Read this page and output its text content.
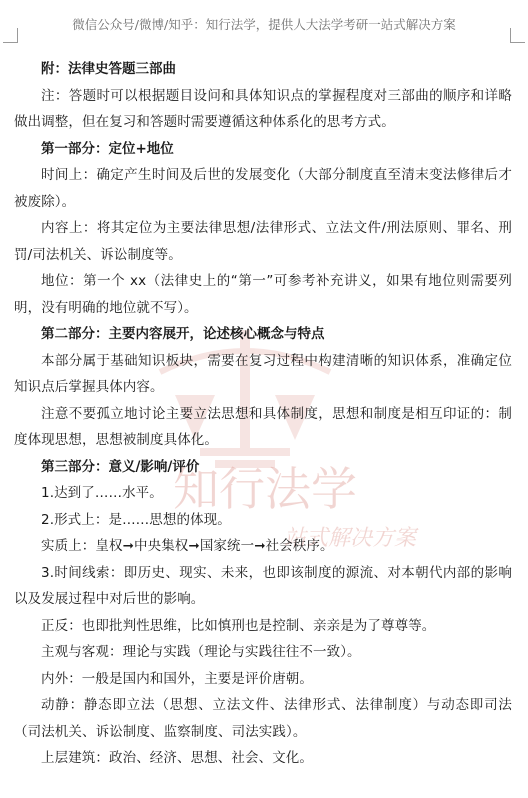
微信公众号/微博/知乎：知行法学，提供人大法学考研一站式解决方案
知行法学
站式解决方案

附：法律史答题三部曲

注：答题时可以根据题目设问和具体知识点的掌握程度对三部曲的顺序和详略做出调整，但在复习和答题时需要遵循这种体系化的思考方式。

第一部分：定位+地位

时间上：确定产生时间及后世的发展变化（大部分制度直至清末变法修律后才被废除）。

内容上：将其定位为主要法律思想/法律形式、立法文件/刑法原则、罪名、刑罚/司法机关、诉讼制度等。

地位：第一个 xx（法律史上的“第一”可参考补充讲义，如果有地位则需要列明，没有明确的地位就不写）。

第二部分：主要内容展开，论述核心概念与特点

本部分属于基础知识板块，需要在复习过程中构建清晰的知识体系，准确定位知识点后掌握具体内容。

注意不要孤立地讨论主要立法思想和具体制度，思想和制度是相互印证的：制度体现思想，思想被制度具体化。

第三部分：意义/影响/评价

1.达到了……水平。

2.形式上：是……思想的体现。

实质上：皇权➞中央集权➞国家统一➞社会秩序。

3.时间线索：即历史、现实、未来，也即该制度的源流、对本朝代内部的影响以及发展过程中对后世的影响。

正反：也即批判性思维，比如慎刑也是控制、亲亲是为了尊尊等。

主观与客观：理论与实践（理论与实践往往不一致）。

内外：一般是国内和国外，主要是评价唐朝。

动静：静态即立法（思想、立法文件、法律形式、法律制度）与动态即司法（司法机关、诉讼制度、监察制度、司法实践）。

上层建筑：政治、经济、思想、社会、文化。
